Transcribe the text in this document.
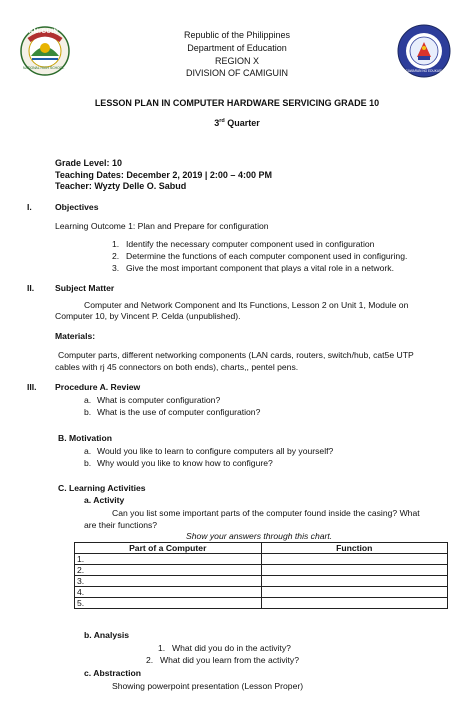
CAMIGUIN
NATIONAL HIGH SCHOOL
KAGAWARAN NG EDUKASYON
Republic of the Philippines
Department of Education
REGION X
DIVISION OF CAMIGUIN
LESSON PLAN IN COMPUTER HARDWARE SERVICING GRADE 10
3rd Quarter
Grade Level: 10
Teaching Dates: December 2, 2019 | 2:00 – 4:00 PM
Teacher: Wyzty Delle O. Sabud
I.	Objectives
Learning Outcome 1: Plan and Prepare for configuration
1. Identify the necessary computer component used in configuration
2. Determine the functions of each computer component used in configuring.
3. Give the most important component that plays a vital role in a network.
II. Subject Matter
Computer and Network Component and Its Functions, Lesson 2 on Unit 1, Module on
Computer 10, by Vincent P. Celda (unpublished).
Materials:
Computer parts, different networking components (LAN cards, routers, switch/hub, cat5e UTP
cables with rj 45 connectors on both ends), charts,, pentel pens.
III. Procedure A. Review
a. What is computer configuration?
b. What is the use of computer configuration?
B. Motivation
a. Would you like to learn to configure computers all by yourself?
b. Why would you like to know how to configure?
C. Learning Activities
a. Activity
Can you list some important parts of the computer found inside the casing? What
are their functions?
Show your answers through this chart.
Part of a Computer	Function
1.	
2.	
3.	
4.	
5.	
b. Analysis
1. What did you do in the activity?
2. What did you learn from the activity?
c. Abstraction
Showing powerpoint presentation (Lesson Proper)
